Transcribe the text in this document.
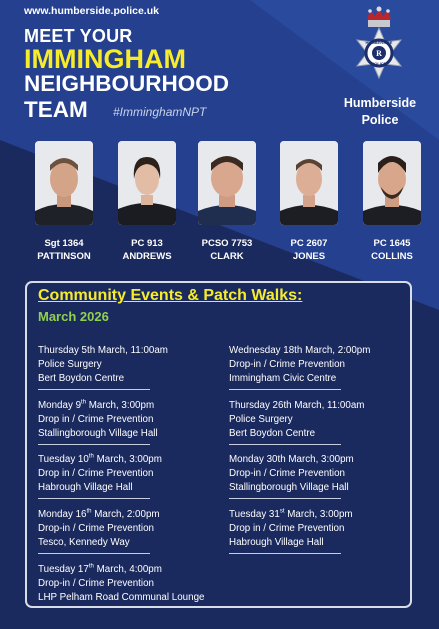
www.humberside.police.uk
MEET YOUR
IMMINGHAM
NEIGHBOURHOOD
TEAM #ImminghamNPT
R
HUMBERSIDE
POLICE
Humberside
Police
Sgt 1364
PATTINSON
PC 913
ANDREWS
PCSO 7753
CLARK
PC 2607
JONES
PC 1645
COLLINS
Community Events & Patch Walks:
March 2026
Thursday 5th March, 11:00am
Police Surgery
Bert Boydon Centre
Monday 9th March, 3:00pm
Drop in / Crime Prevention
Stallingborough Village Hall
Tuesday 10th March, 3:00pm
Drop in / Crime Prevention
Habrough Village Hall
Monday 16th March, 2:00pm
Drop-in / Crime Prevention
Tesco, Kennedy Way
Tuesday 17th March, 4:00pm
Drop-in / Crime Prevention
LHP Pelham Road Communal Lounge
Wednesday 18th March, 2:00pm
Drop-in / Crime Prevention
Immingham Civic Centre
Thursday 26th March, 11:00am
Police Surgery
Bert Boydon Centre
Monday 30th March, 3:00pm
Drop-in / Crime Prevention
Stallingborough Village Hall
Tuesday 31st March, 3:00pm
Drop in / Crime Prevention
Habrough Village Hall
